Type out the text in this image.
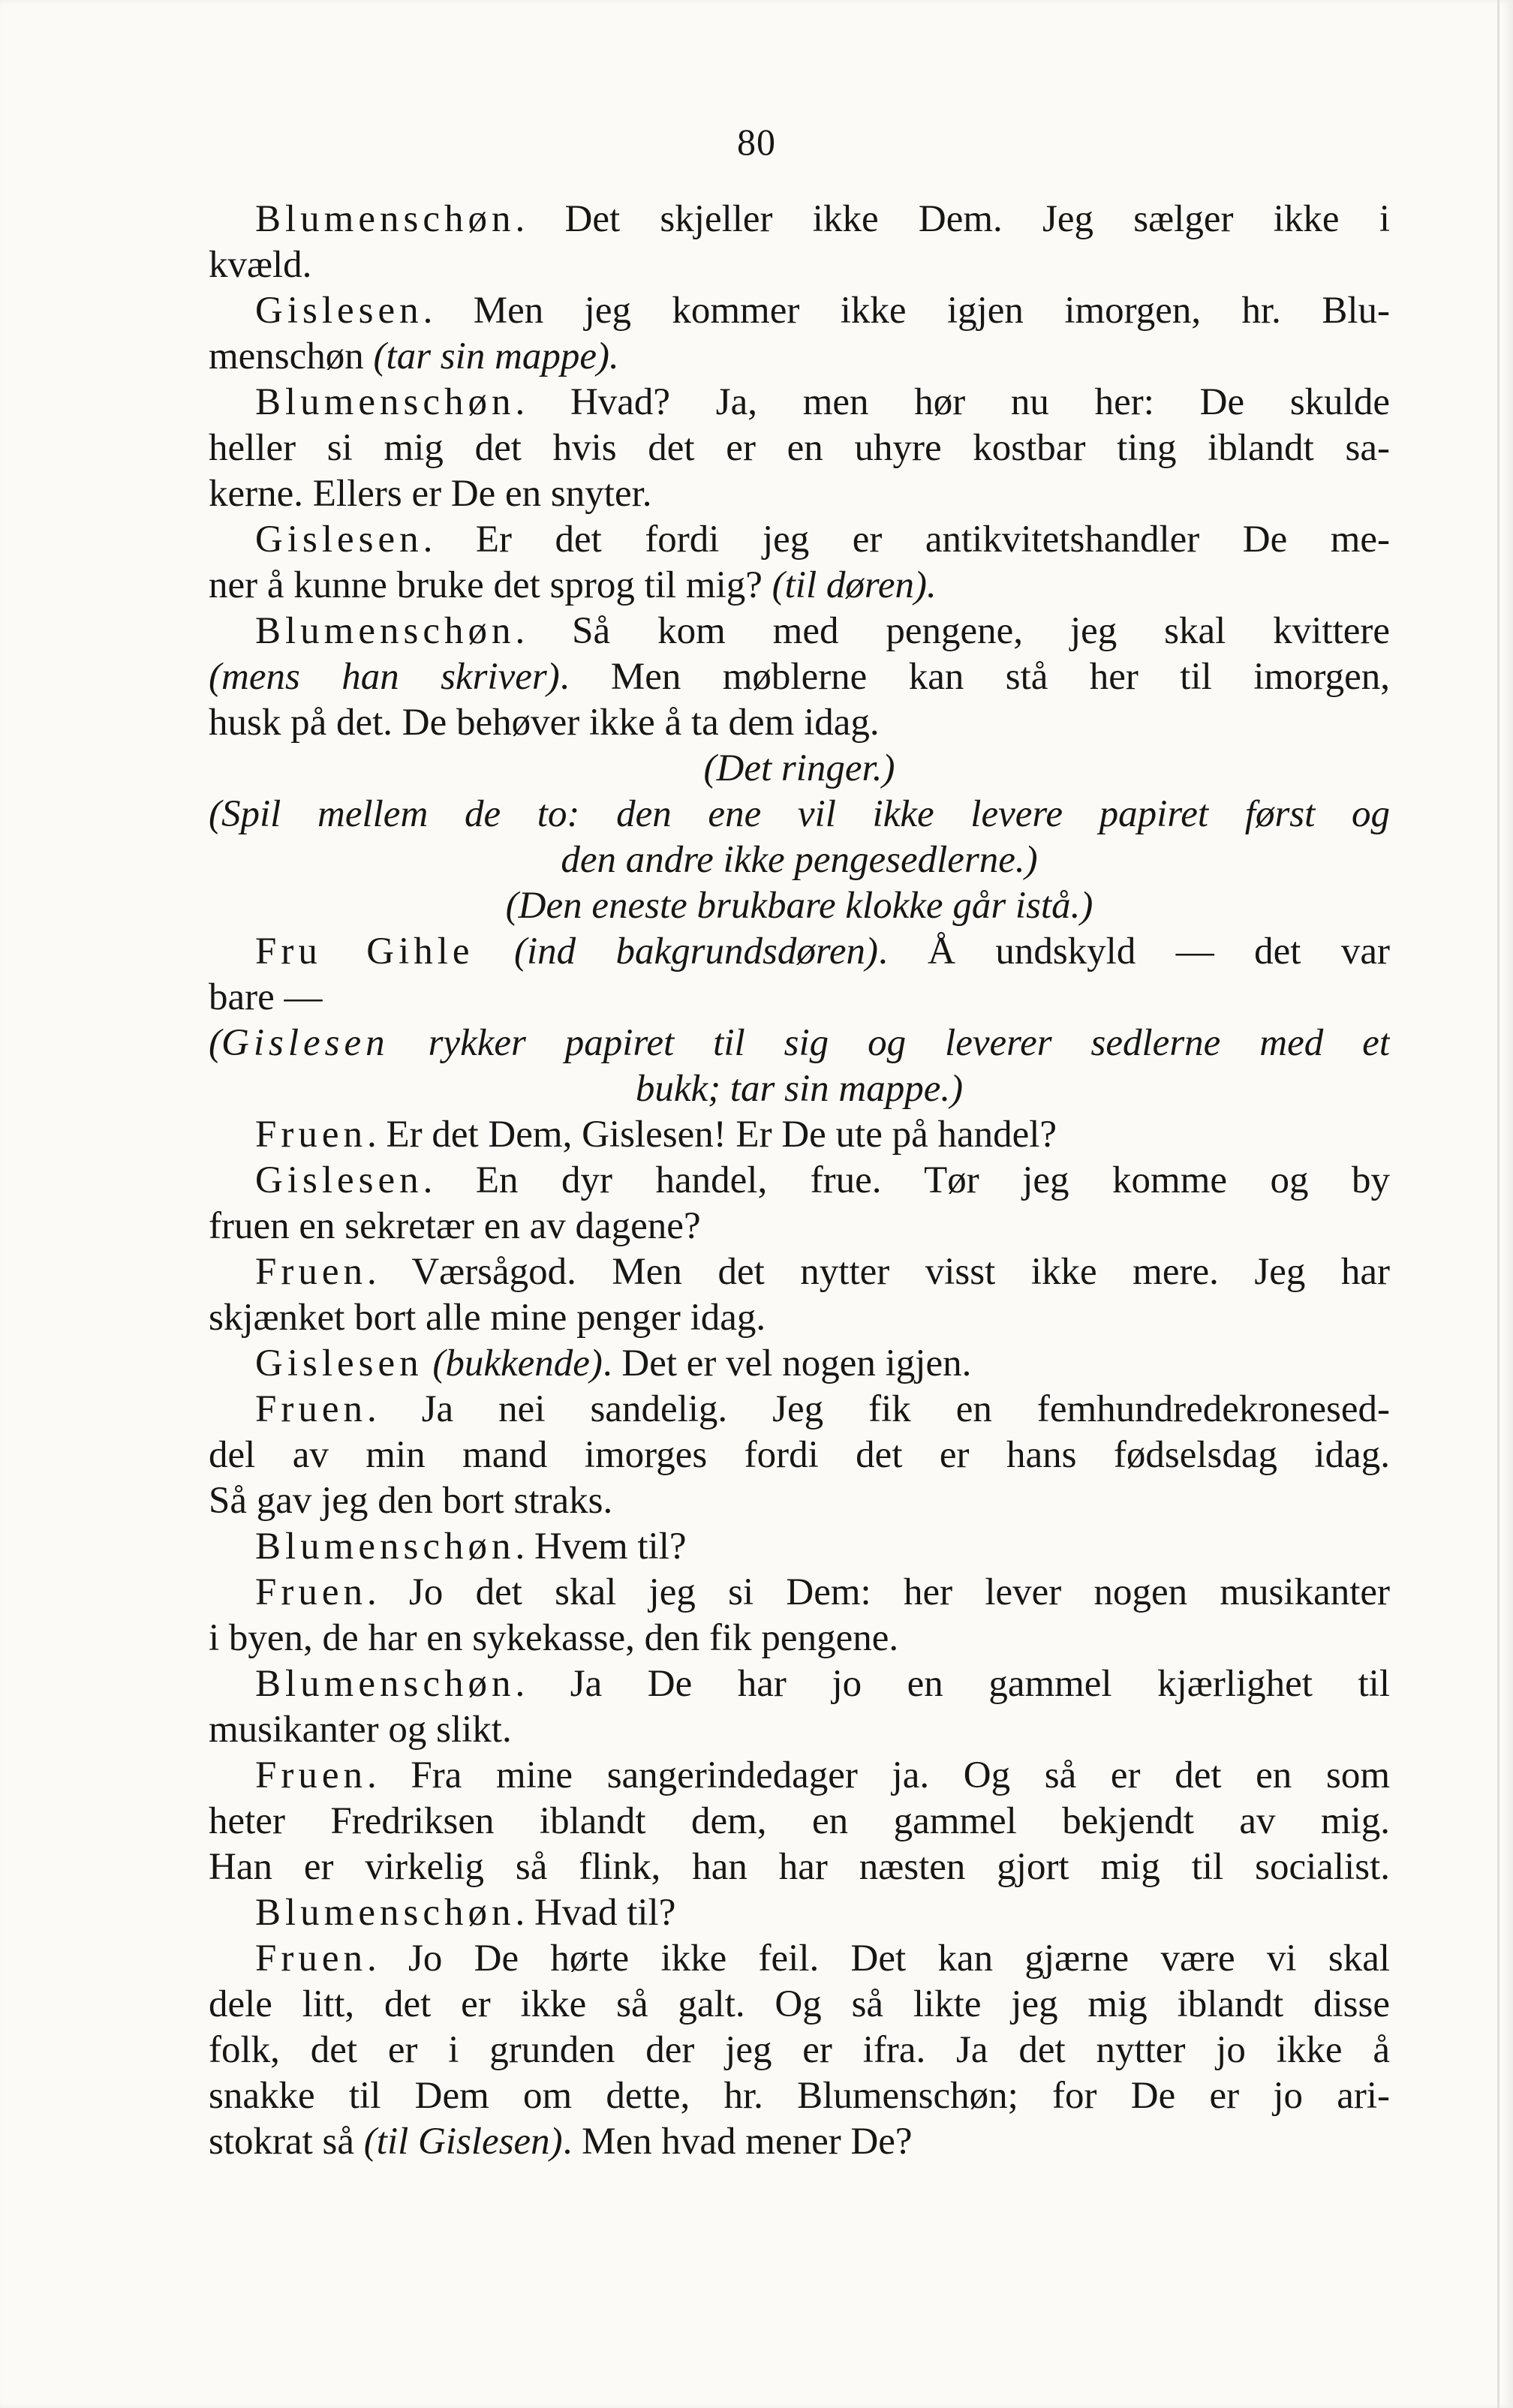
80
Blumenschøn. Det skjeller ikke Dem. Jeg sælger ikke i
kvæld.
Gislesen. Men jeg kommer ikke igjen imorgen, hr. Blu-
menschøn (tar sin mappe).
Blumenschøn. Hvad? Ja, men hør nu her: De skulde
heller si mig det hvis det er en uhyre kostbar ting iblandt sa-
kerne. Ellers er De en snyter.
Gislesen. Er det fordi jeg er antikvitetshandler De me-
ner å kunne bruke det sprog til mig? (til døren).
Blumenschøn. Så kom med pengene, jeg skal kvittere
(mens han skriver). Men møblerne kan stå her til imorgen,
husk på det. De behøver ikke å ta dem idag.
(Det ringer.)
(Spil mellem de to: den ene vil ikke levere papiret først og
den andre ikke pengesedlerne.)
(Den eneste brukbare klokke går istå.)
Fru Gihle (ind bakgrundsdøren). Å undskyld — det var
bare —
(Gislesen rykker papiret til sig og leverer sedlerne med et
bukk; tar sin mappe.)
Fruen. Er det Dem, Gislesen! Er De ute på handel?
Gislesen. En dyr handel, frue. Tør jeg komme og by
fruen en sekretær en av dagene?
Fruen. Værsågod. Men det nytter visst ikke mere. Jeg har
skjænket bort alle mine penger idag.
Gislesen (bukkende). Det er vel nogen igjen.
Fruen. Ja nei sandelig. Jeg fik en femhundredekronesed-
del av min mand imorges fordi det er hans fødselsdag idag.
Så gav jeg den bort straks.
Blumenschøn. Hvem til?
Fruen. Jo det skal jeg si Dem: her lever nogen musikanter
i byen, de har en sykekasse, den fik pengene.
Blumenschøn. Ja De har jo en gammel kjærlighet til
musikanter og slikt.
Fruen. Fra mine sangerindedager ja. Og så er det en som
heter Fredriksen iblandt dem, en gammel bekjendt av mig.
Han er virkelig så flink, han har næsten gjort mig til socialist.
Blumenschøn. Hvad til?
Fruen. Jo De hørte ikke feil. Det kan gjærne være vi skal
dele litt, det er ikke så galt. Og så likte jeg mig iblandt disse
folk, det er i grunden der jeg er ifra. Ja det nytter jo ikke å
snakke til Dem om dette, hr. Blumenschøn; for De er jo ari-
stokrat så (til Gislesen). Men hvad mener De?
